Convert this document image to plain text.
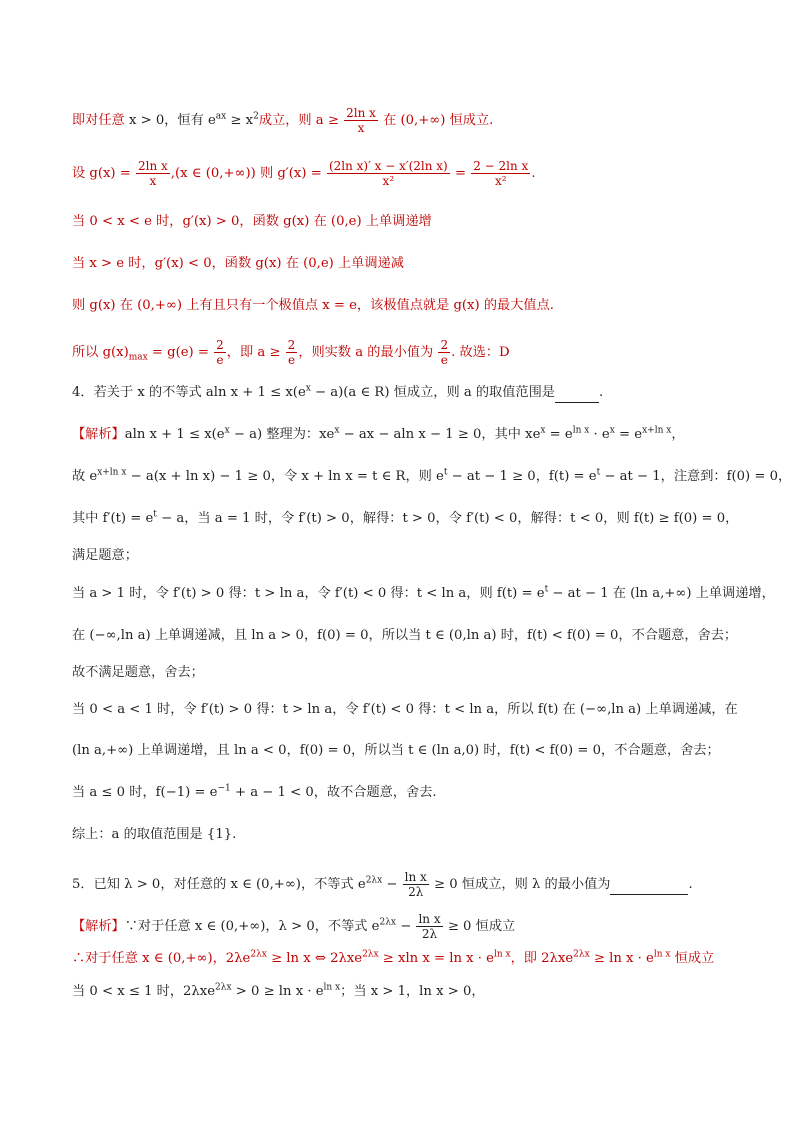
即对任意 x > 0，恒有 $e^{ax} \ge x^2$成立，则 $a \ge \frac{\text{2ln x}}{x}$ 在 (0,+∞) 恒成立.
设 $g(x) = \frac{\text{2ln x}}{x} ,(x$ ∈ (0,+∞)) 则 $g'(x) = \frac{\text{(2ln x)′ x − x′(2ln x)}}{\text{x²}} = \frac{\text{2 − 2ln x}}{\text{x²}}$ .
当 0 < x < e 时，g′(x) > 0，函数 g(x) 在 (0,e) 上单调递增
当 x > e 时，g′(x) < 0，函数 g(x) 在 (0,e) 上单调递减
则 g(x) 在 (0,+∞) 上有且只有一个极值点 x = e，该极值点就是 g(x) 的最大值点.
所以 $g(x)_{max} = g(e) = \frac{2}{e}$ ，即 $a \ge \frac{2}{e}$ ，则实数 a 的最小值为 $\frac{2}{e}$ . 故选：D
4．若关于 x 的不等式 aln $x + 1 \le x(e^x - a)(a$ ∈ R) 恒成立，则 a 的取值范围是	.
【解析】aln $x + 1 \le x(e^x - a)$ 整理为：$xe^x$ − ax − aln x − 1 ≥ 0，其中 $xe^x = e^{ln x} \cdot e^x = e^{x+ln x}$，
故 $e^{x+ln x} - a(x + \ln x) - 1 \ge 0$，令 x + ln x = t ∈ R，则 $e^t$ − at − 1 ≥ 0，$f(t) = e^t$ − at − 1，注意到：f(0) = 0，
其中 $f'(t) = e^t - a$，当 a = 1 时，令 f′(t) > 0，解得：t > 0，令 f′(t) < 0，解得：t < 0，则 f(t) ≥ f(0) = 0，
满足题意；
当 a > 1 时，令 f′(t) > 0 得：t > ln a，令 f′(t) < 0 得：t < ln a，则 $f(t) = e^t$ − at − 1 在 (ln a,+∞) 上单调递增，
在 (−∞,ln a) 上单调递减，且 ln a > 0，f(0) = 0，所以当 t ∈ (0,ln a) 时，f(t) < f(0) = 0，不合题意，舍去；
故不满足题意，舍去；
当 0 < a < 1 时，令 f′(t) > 0 得：t > ln a，令 f′(t) < 0 得：t < ln a，所以 f(t) 在 (−∞,ln a) 上单调递减，在
(ln a,+∞) 上单调递增，且 ln a < 0，f(0) = 0，所以当 t ∈ (ln a,0) 时，f(t) < f(0) = 0，不合题意，舍去；
当 a ≤ 0 时，$f(-1) = e^{-1} + a - 1 < 0$，故不合题意，舍去.
综上：a 的取值范围是 {1}.
5．已知 λ > 0，对任意的 x ∈ (0,+∞)，不等式 $e^{2\lambda x} - \frac{\text{ln x}}{2\lambda} \ge 0$ 恒成立，则 λ 的最小值为	.
【解析】∵对于任意 x ∈ (0,+∞)，λ > 0，不等式 $e^{2\lambda x} - \frac{\text{ln x}}{2\lambda} \ge 0$ 恒成立
∴对于任意 x ∈ (0,+∞)，$2\lambda e^{2\lambda x} \ge \ln x$ ⇔ 2λxe$^{2\lambda x}$ ≥ xln $x = \ln x \cdot e^{ln x}$，即 $2\lambda xe^{2\lambda x} \ge \ln x \cdot e^{ln x}$ 恒成立
当 0 < x ≤ 1 时，$2\lambda xe^{2\lambda x} > 0 \ge \ln x \cdot e^{ln x}$；当 x > 1，ln x > 0，
